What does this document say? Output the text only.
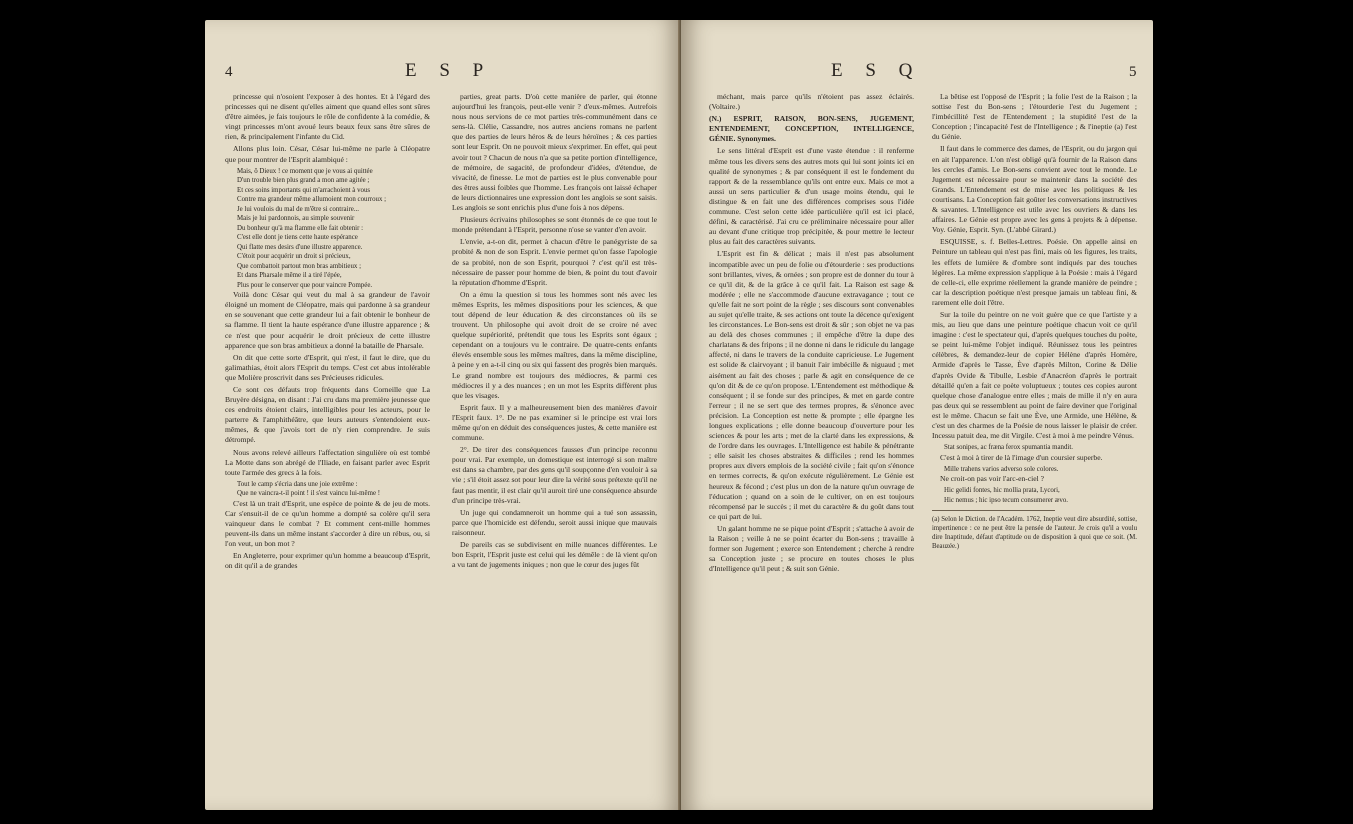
4	E S P

princesse qui n'osoient l'exposer à des hontes. Et à l'égard des princesses qui ne disent qu'elles aiment que quand elles sont sûres d'être aimées, je fais toujours le rôle de confidente à la comédie, & vingt princesses m'ont avoué leurs beaux feux sans être sûres de rien, & principalement l'infante du Cid.

Allons plus loin. César, César lui-même ne parle à Cléopatre que pour montrer de l'Esprit alambiqué :

Mais, ô Dieux ! ce moment que je vous ai quittée

D'un trouble bien plus grand a mon ame agitée ;

Et ces soins importants qui m'arrachoient à vous

Contre ma grandeur même allumoient mon courroux ;

Je lui voulois du mal de m'être si contraire...

Mais je lui pardonnois, au simple souvenir

Du bonheur qu'à ma flamme elle fait obtenir :

C'est elle dont je tiens cette haute espérance

Qui flatte mes desirs d'une illustre apparence.

C'étoit pour acquérir un droit si précieux,

Que combattoit partout mon bras ambitieux ;

Et dans Pharsale même il a tiré l'épée,

Plus pour le conserver que pour vaincre Pompée.

Voilà donc César qui veut du mal à sa grandeur de l'avoir éloigné un moment de Cléopatre, mais qui pardonne à sa grandeur en se souvenant que cette grandeur lui a fait obtenir le bonheur de sa flamme. Il tient la haute espérance d'une illustre apparence ; & ce n'est que pour acquérir le droit précieux de cette illustre apparence que son bras ambitieux a donné la bataille de Pharsale.

On dit que cette sorte d'Esprit, qui n'est, il faut le dire, que du galimathias, étoit alors l'Esprit du temps. C'est cet abus intolérable que Molière proscrivit dans ses Précieuses ridicules.

Ce sont ces défauts trop fréquents dans Corneille que La Bruyère désigna, en disant : J'ai cru dans ma première jeunesse que ces endroits étoient clairs, intelligibles pour les acteurs, pour le parterre & l'amphithéâtre, que leurs auteurs s'entendoient eux-mêmes, & que j'avois tort de n'y rien comprendre. Je suis détrompé.

Nous avons relevé ailleurs l'affectation singulière où est tombé La Motte dans son abrégé de l'Iliade, en faisant parler avec Esprit toute l'armée des grecs à la fois.

Tout le camp s'écria dans une joie extrême :

Que ne vaincra-t-il point ! il s'est vaincu lui-même !

C'est là un trait d'Esprit, une espèce de pointe & de jeu de mots. Car s'ensuit-il de ce qu'un homme a dompté sa colère qu'il sera vainqueur dans le combat ? Et comment cent-mille hommes peuvent-ils dans un même instant s'accorder à dire un rébus, ou, si l'on veut, un bon mot ?

En Angleterre, pour exprimer qu'un homme a beaucoup d'Esprit, on dit qu'il a de grandes

parties, great parts. D'où cette manière de parler, qui étonne aujourd'hui les françois, peut-elle venir ? d'eux-mêmes. Autrefois nous nous servions de ce mot parties très-communément dans ce sens-là. Clélie, Cassandre, nos autres anciens romans ne parlent que des parties de leurs héros & de leurs héroïnes ; & ces parties sont leur Esprit. On ne pouvoit mieux s'exprimer. En effet, qui peut avoir tout ? Chacun de nous n'a que sa petite portion d'intelligence, de mémoire, de sagacité, de profondeur d'idées, d'étendue, de vivacité, de finesse. Le mot de parties est le plus convenable pour des êtres aussi foibles que l'homme. Les françois ont laissé échaper de leurs dictionnaires une expression dont les anglois se sont saisis. Les anglois se sont enrichis plus d'une fois à nos dépens.

Plusieurs écrivains philosophes se sont étonnés de ce que tout le monde prétendant à l'Esprit, personne n'ose se vanter d'en avoir.

L'envie, a-t-on dit, permet à chacun d'être le panégyriste de sa probité & non de son Esprit. L'envie permet qu'on fasse l'apologie de sa probité, non de son Esprit, pourquoi ? c'est qu'il est très-nécessaire de passer pour homme de bien, & point du tout d'avoir la réputation d'homme d'Esprit.

On a ému la question si tous les hommes sont nés avec les mêmes Esprits, les mêmes dispositions pour les sciences, & que tout dépend de leur éducation & des circonstances où ils se trouvent. Un philosophe qui avoit droit de se croire né avec quelque supériorité, prétendit que tous les Esprits sont égaux ; cependant on a toujours vu le contraire. De quatre-cents enfants élevés ensemble sous les mêmes maîtres, dans la même discipline, à peine y en a-t-il cinq ou six qui fassent des progrès bien marqués. Le grand nombre est toujours des médiocres, & parmi ces médiocres il y a des nuances ; en un mot les Esprits diffèrent plus que les visages.

Esprit faux. Il y a malheureusement bien des manières d'avoir l'Esprit faux. 1°. De ne pas examiner si le principe est vrai lors même qu'on en déduit des conséquences justes, & cette manière est commune.

2°. De tirer des conséquences fausses d'un principe reconnu pour vrai. Par exemple, un domestique est interrogé si son maître est dans sa chambre, par des gens qu'il soupçonne d'en vouloir à sa vie ; s'il étoit assez sot pour leur dire la vérité sous prétexte qu'il ne faut pas mentir, il est clair qu'il auroit tiré une conséquence absurde d'un principe très-vrai.

Un juge qui condamneroit un homme qui a tué son assassin, parce que l'homicide est défendu, seroit aussi inique que mauvais raisonneur.

De pareils cas se subdivisent en mille nuances différentes. Le bon Esprit, l'Esprit juste est celui qui les démêle : de là vient qu'on a vu tant de jugements iniques ; non que le cœur des juges fût

E S Q	5

méchant, mais parce qu'ils n'étoient pas assez éclairés. (Voltaire.)

(N.) ESPRIT, RAISON, BON-SENS, JUGEMENT, ENTENDEMENT, CONCEPTION, INTELLIGENCE, GÉNIE. Synonymes.

Le sens littéral d'Esprit est d'une vaste étendue : il renferme même tous les divers sens des autres mots qui lui sont joints ici en qualité de synonymes ; & par conséquent il est le fondement du rapport & de la ressemblance qu'ils ont entre eux. Mais ce mot a aussi un sens particulier & d'un usage moins étendu, qui le distingue & en fait une des différences comprises sous l'idée commune. C'est selon cette idée particulière qu'il est ici placé, défini, & caractérisé. J'ai cru ce préliminaire nécessaire pour aller au devant d'une critique trop précipitée, & pour mettre le lecteur plus au fait des caractères suivants.

L'Esprit est fin & délicat ; mais il n'est pas absolument incompatible avec un peu de folie ou d'étourderie : ses productions sont brillantes, vives, & ornées ; son propre est de donner du tour à ce qu'il dit, & de la grâce à ce qu'il fait. La Raison est sage & modérée ; elle ne s'accommode d'aucune extravagance ; tout ce qu'elle fait ne sort point de la règle ; ses discours sont convenables au sujet qu'elle traite, & ses actions ont toute la décence qu'exigent les circonstances. Le Bon-sens est droit & sûr ; son objet ne va pas au delà des choses communes ; il empêche d'être la dupe des charlatans & des fripons ; il ne donne ni dans le ridicule du langage affecté, ni dans le travers de la conduite capricieuse. Le Jugement est solide & clairvoyant ; il banuit l'air imbécille & niguaud ; met aisément au fait des choses ; parle & agit en conséquence de ce qu'on dit & de ce qu'on propose. L'Entendement est méthodique & conséquent ; il se fonde sur des principes, & met en garde contre l'erreur ; il ne se sert que des termes propres, & s'énonce avec précision. La Conception est nette & prompte ; elle épargne les longues explications ; elle donne beaucoup d'ouverture pour les sciences & pour les arts ; met de la clarté dans les expressions, & de l'ordre dans les ouvrages. L'Intelligence est habile & pénétrante ; elle saisit les choses abstraites & difficiles ; rend les hommes propres aux divers emplois de la société civile ; fait qu'on s'énonce en termes corrects, & qu'on exécute régulièrement. Le Génie est heureux & fécond ; c'est plus un don de la nature qu'un ouvrage de l'éducation ; quand on a soin de le cultiver, on en est toujours récompensé par le succès ; il met du caractère & du goût dans tout ce qui part de lui.

Un galant homme ne se pique point d'Esprit ; s'attache à avoir de la Raison ; veille à ne se point écarter du Bon-sens ; travaille à former son Jugement ; exerce son Entendement ; cherche à rendre sa Conception juste ; se procure en toutes choses le plus d'Intelligence qu'il peut ; & suit son Génie.

La bêtise est l'opposé de l'Esprit ; la folie l'est de la Raison ; la sottise l'est du Bon-sens ; l'étourderie l'est du Jugement ; l'imbécillité l'est de l'Entendement ; la stupidité l'est de la Conception ; l'incapacité l'est de l'Intelligence ; & l'ineptie (a) l'est du Génie.

Il faut dans le commerce des dames, de l'Esprit, ou du jargon qui en ait l'apparence. L'on n'est obligé qu'à fournir de la Raison dans les cercles d'amis. Le Bon-sens convient avec tout le monde. Le Jugement est nécessaire pour se maintenir dans la société des Grands. L'Entendement est de mise avec les politiques & les courtisans. La Conception fait goûter les conversations instructives & savantes. L'Intelligence est utile avec les ouvriers & dans les affaires. Le Génie est propre avec les gens à projets & à dépense. Voy. Génie, Esprit. Syn. (L'abbé Girard.)

ESQUISSE, s. f. Belles-Lettres. Poésie. On appelle ainsi en Peinture un tableau qui n'est pas fini, mais où les figures, les traits, les effets de lumière & d'ombre sont indiqués par des touches légères. La même expression s'applique à la Poésie : mais à l'égard de celle-ci, elle exprime réellement la grande manière de peindre ; car la description poétique n'est presque jamais un tableau fini, & rarement elle doit l'être.

Sur la toile du peintre on ne voit guère que ce que l'artiste y a mis, au lieu que dans une peinture poétique chacun voit ce qu'il imagine : c'est le spectateur qui, d'après quelques touches du poète, se peint lui-même l'objet indiqué. Réunissez tous les peintres célèbres, & demandez-leur de copier Hélène d'après Homère, Armide d'après le Tasse, Ève d'après Milton, Corine & Délie d'après Ovide & Tibulle, Lesbie d'Anacréon d'après le portrait détaillé qu'en a fait ce poète voluptueux ; toutes ces copies auront quelque chose d'analogue entre elles ; mais de mille il n'y en aura pas deux qui se ressemblent au point de faire deviner que l'original est le même. Chacun se fait une Ève, une Armide, une Hélène, & c'est un des charmes de la Poésie de nous laisser le plaisir de créer. Incessu patuit dea, me dit Virgile. C'est à moi à me peindre Vénus.

Stat sonipes, ac fræna ferox spumantia mandit.

C'est à moi à tirer de là l'image d'un coursier superbe.

Mille trahens varios adverso sole colores.

Ne croit-on pas voir l'arc-en-ciel ?

Hic gelidi fontes, hic mollia prata, Lycori,

Hic nemus ; hic ipso tecum consumerer ævo.

(a) Selon le Diction. de l'Académ. 1762, Ineptie veut dire absurdité, sottise, impertinence : ce ne peut être la pensée de l'auteur. Je crois qu'il a voulu dire Inaptitude, défaut d'aptitude ou de disposition à quoi que ce soit. (M. Beauzée.)
